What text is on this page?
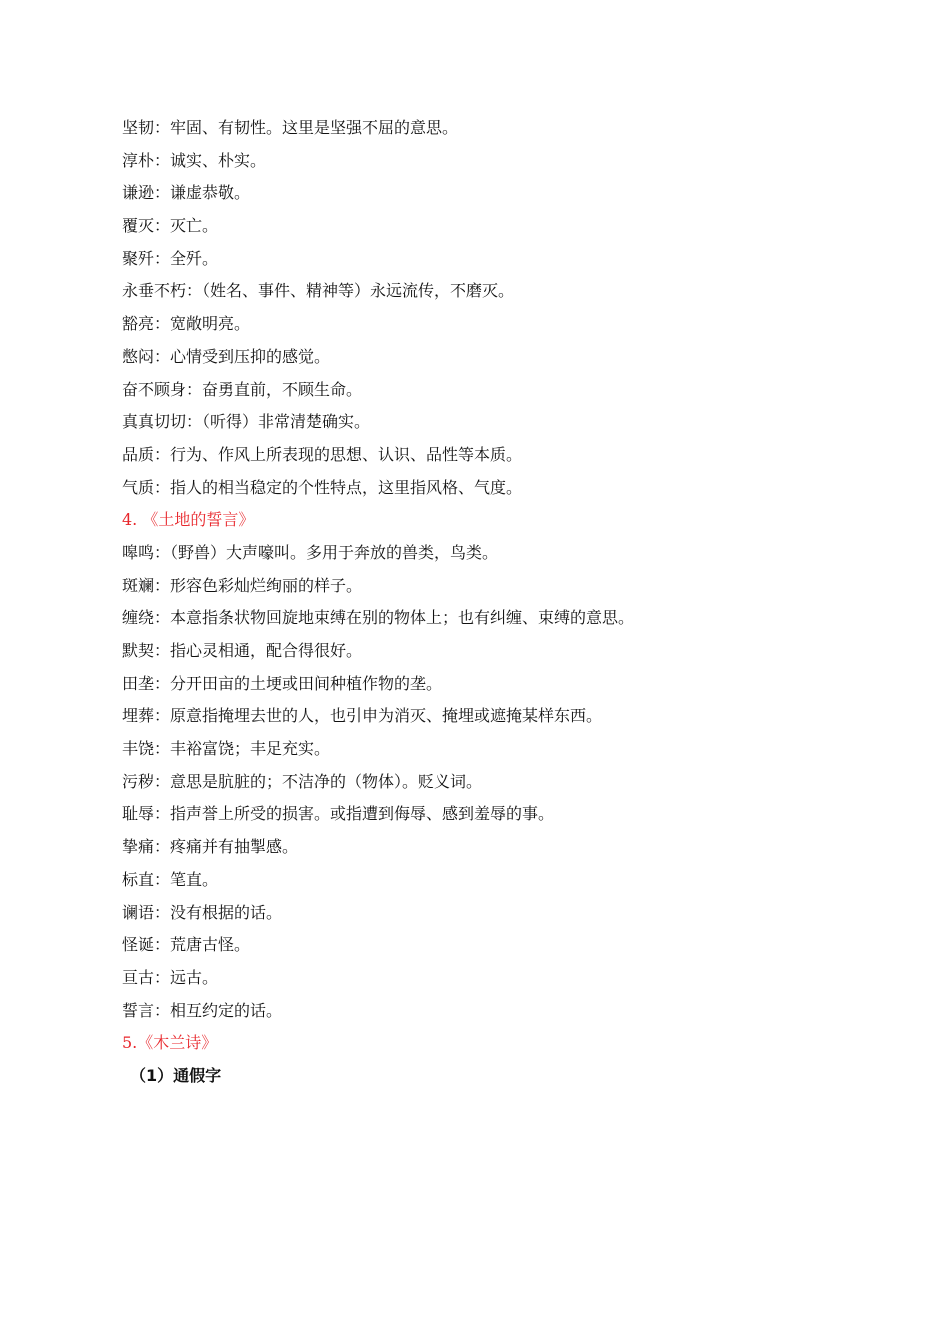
坚韧：牢固、有韧性。这里是坚强不屈的意思。
淳朴：诚实、朴实。
谦逊：谦虚恭敬。
覆灭：灭亡。
聚歼：全歼。
永垂不朽：（姓名、事件、精神等）永远流传，不磨灭。
豁亮：宽敞明亮。
憋闷：心情受到压抑的感觉。
奋不顾身：奋勇直前，不顾生命。
真真切切：（听得）非常清楚确实。
品质：行为、作风上所表现的思想、认识、品性等本质。
气质：指人的相当稳定的个性特点，这里指风格、气度。
4. 《土地的誓言》
嗥鸣：（野兽）大声嚎叫。多用于奔放的兽类，鸟类。
斑斓：形容色彩灿烂绚丽的样子。
缠绕：本意指条状物回旋地束缚在别的物体上；也有纠缠、束缚的意思。
默契：指心灵相通，配合得很好。
田垄：分开田亩的土埂或田间种植作物的垄。
埋葬：原意指掩埋去世的人，也引申为消灭、掩埋或遮掩某样东西。
丰饶：丰裕富饶；丰足充实。
污秽：意思是肮脏的；不洁净的（物体）。贬义词。
耻辱：指声誉上所受的损害。或指遭到侮辱、感到羞辱的事。
挚痛：疼痛并有抽掣感。
标直：笔直。
谰语：没有根据的话。
怪诞：荒唐古怪。
亘古：远古。
誓言：相互约定的话。
5.《木兰诗》
（1）通假字
